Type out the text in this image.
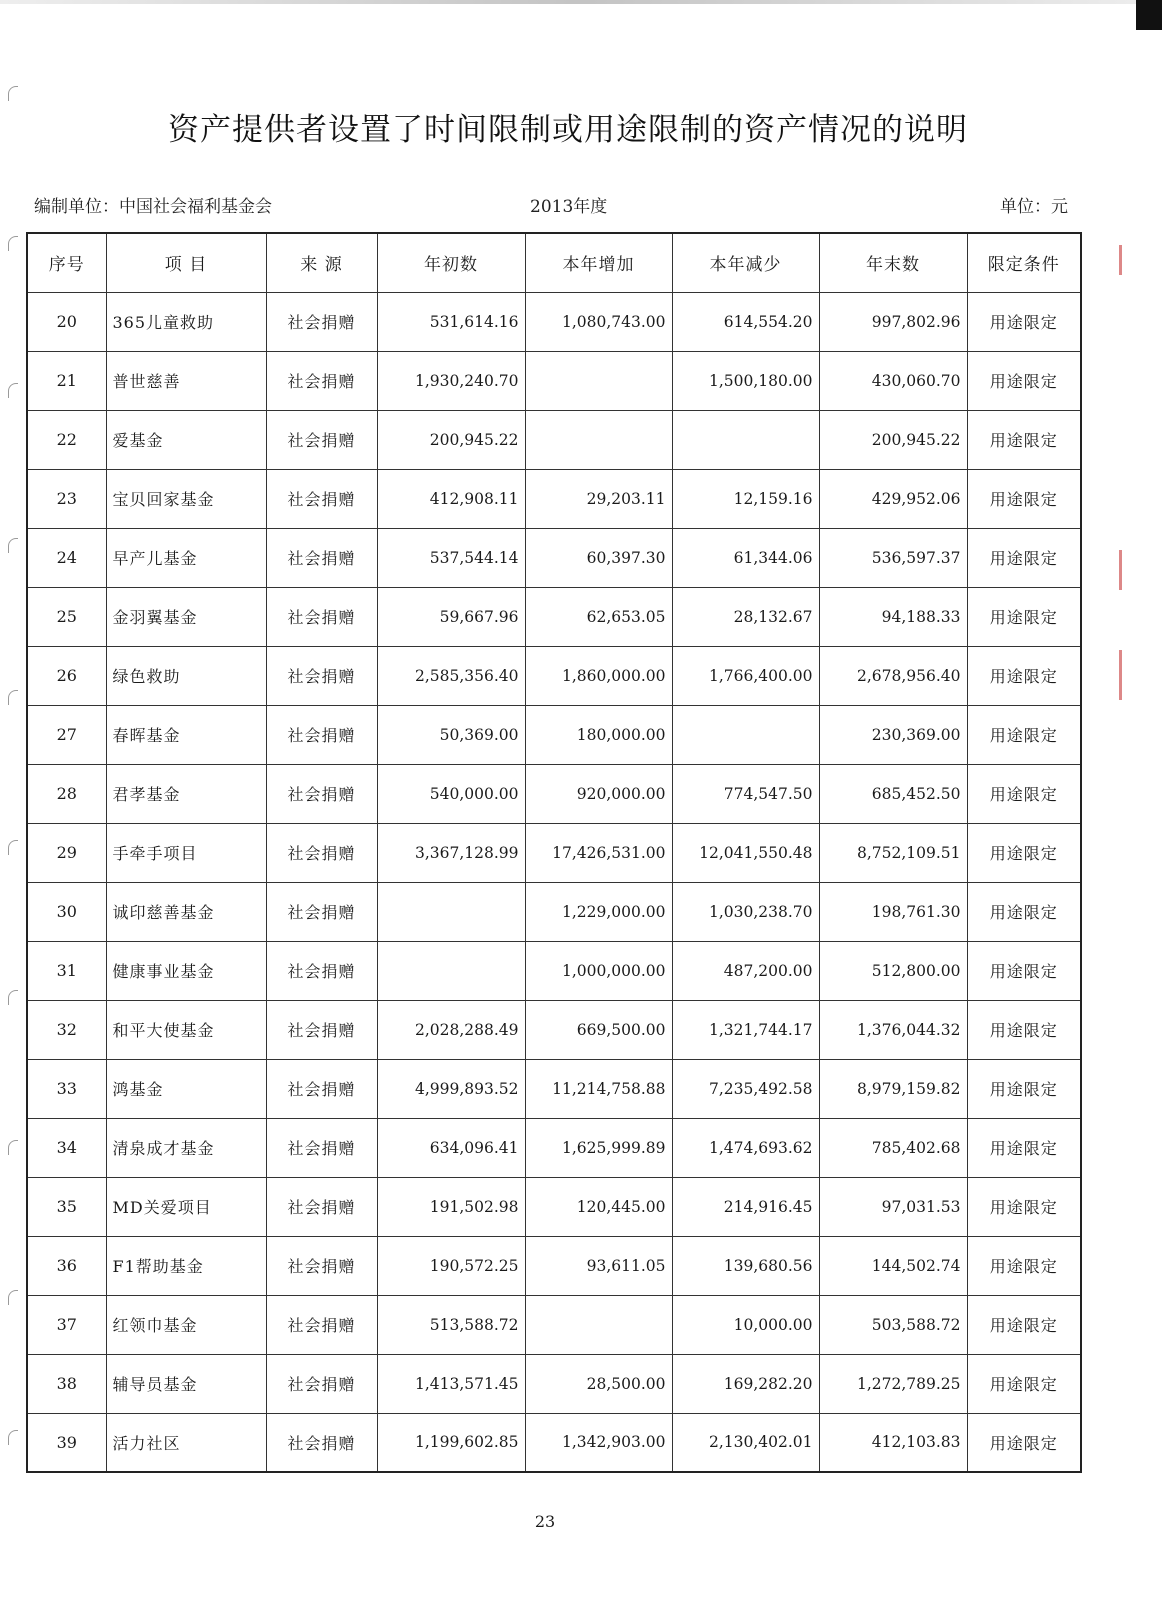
资产提供者设置了时间限制或用途限制的资产情况的说明
编制单位：中国社会福利基金会	2013年度	单位：元
序号	项 目	来 源	年初数	本年增加	本年减少	年末数	限定条件
20	365儿童救助	社会捐赠	531,614.16	1,080,743.00	614,554.20	997,802.96	用途限定
21	普世慈善	社会捐赠	1,930,240.70		1,500,180.00	430,060.70	用途限定
22	爱基金	社会捐赠	200,945.22			200,945.22	用途限定
23	宝贝回家基金	社会捐赠	412,908.11	29,203.11	12,159.16	429,952.06	用途限定
24	早产儿基金	社会捐赠	537,544.14	60,397.30	61,344.06	536,597.37	用途限定
25	金羽翼基金	社会捐赠	59,667.96	62,653.05	28,132.67	94,188.33	用途限定
26	绿色救助	社会捐赠	2,585,356.40	1,860,000.00	1,766,400.00	2,678,956.40	用途限定
27	春晖基金	社会捐赠	50,369.00	180,000.00		230,369.00	用途限定
28	君孝基金	社会捐赠	540,000.00	920,000.00	774,547.50	685,452.50	用途限定
29	手牵手项目	社会捐赠	3,367,128.99	17,426,531.00	12,041,550.48	8,752,109.51	用途限定
30	诚印慈善基金	社会捐赠		1,229,000.00	1,030,238.70	198,761.30	用途限定
31	健康事业基金	社会捐赠		1,000,000.00	487,200.00	512,800.00	用途限定
32	和平大使基金	社会捐赠	2,028,288.49	669,500.00	1,321,744.17	1,376,044.32	用途限定
33	鸿基金	社会捐赠	4,999,893.52	11,214,758.88	7,235,492.58	8,979,159.82	用途限定
34	清泉成才基金	社会捐赠	634,096.41	1,625,999.89	1,474,693.62	785,402.68	用途限定
35	MD关爱项目	社会捐赠	191,502.98	120,445.00	214,916.45	97,031.53	用途限定
36	F1帮助基金	社会捐赠	190,572.25	93,611.05	139,680.56	144,502.74	用途限定
37	红领巾基金	社会捐赠	513,588.72		10,000.00	503,588.72	用途限定
38	辅导员基金	社会捐赠	1,413,571.45	28,500.00	169,282.20	1,272,789.25	用途限定
39	活力社区	社会捐赠	1,199,602.85	1,342,903.00	2,130,402.01	412,103.83	用途限定
23
